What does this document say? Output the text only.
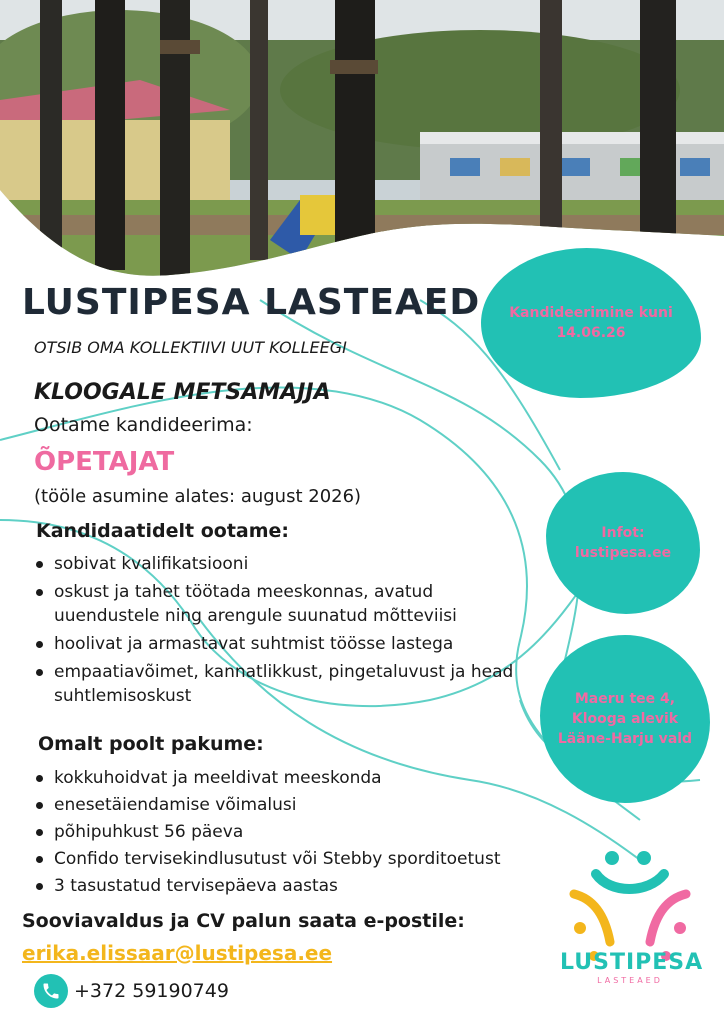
LUSTIPESA LASTEAED
OTSIB OMA KOLLEKTIIVI UUT KOLLEEGI
KLOOGALE METSAMAJJA
Ootame kandideerima:
ÕPETAJAT
(tööle asumine alates: august 2026)
Kandidaatidelt ootame:
sobivat kvalifikatsiooni
oskust ja tahet töötada meeskonnas, avatud uuendustele ning arengule suunatud mõtteviisi
hoolivat ja armastavat suhtmist töösse lastega
empaatiavõimet, kannatlikkust, pingetaluvust ja head suhtlemisoskust
Omalt poolt pakume:
kokkuhoidvat ja meeldivat meeskonda
enesetäiendamise võimalusi
põhipuhkust 56 päeva
Confido tervisekindlusutust või Stebby sporditoetust
3 tasustatud tervisepäeva aastas
Sooviavaldus ja CV palun saata e-postile:
erika.elissaar@lustipesa.ee
+372 59190749
Kandideerimine kuni
14.06.26
Infot:
lustipesa.ee
Maeru tee 4,
Klooga alevik
Lääne-Harju vald
LUSTIPESA
LASTEAED
